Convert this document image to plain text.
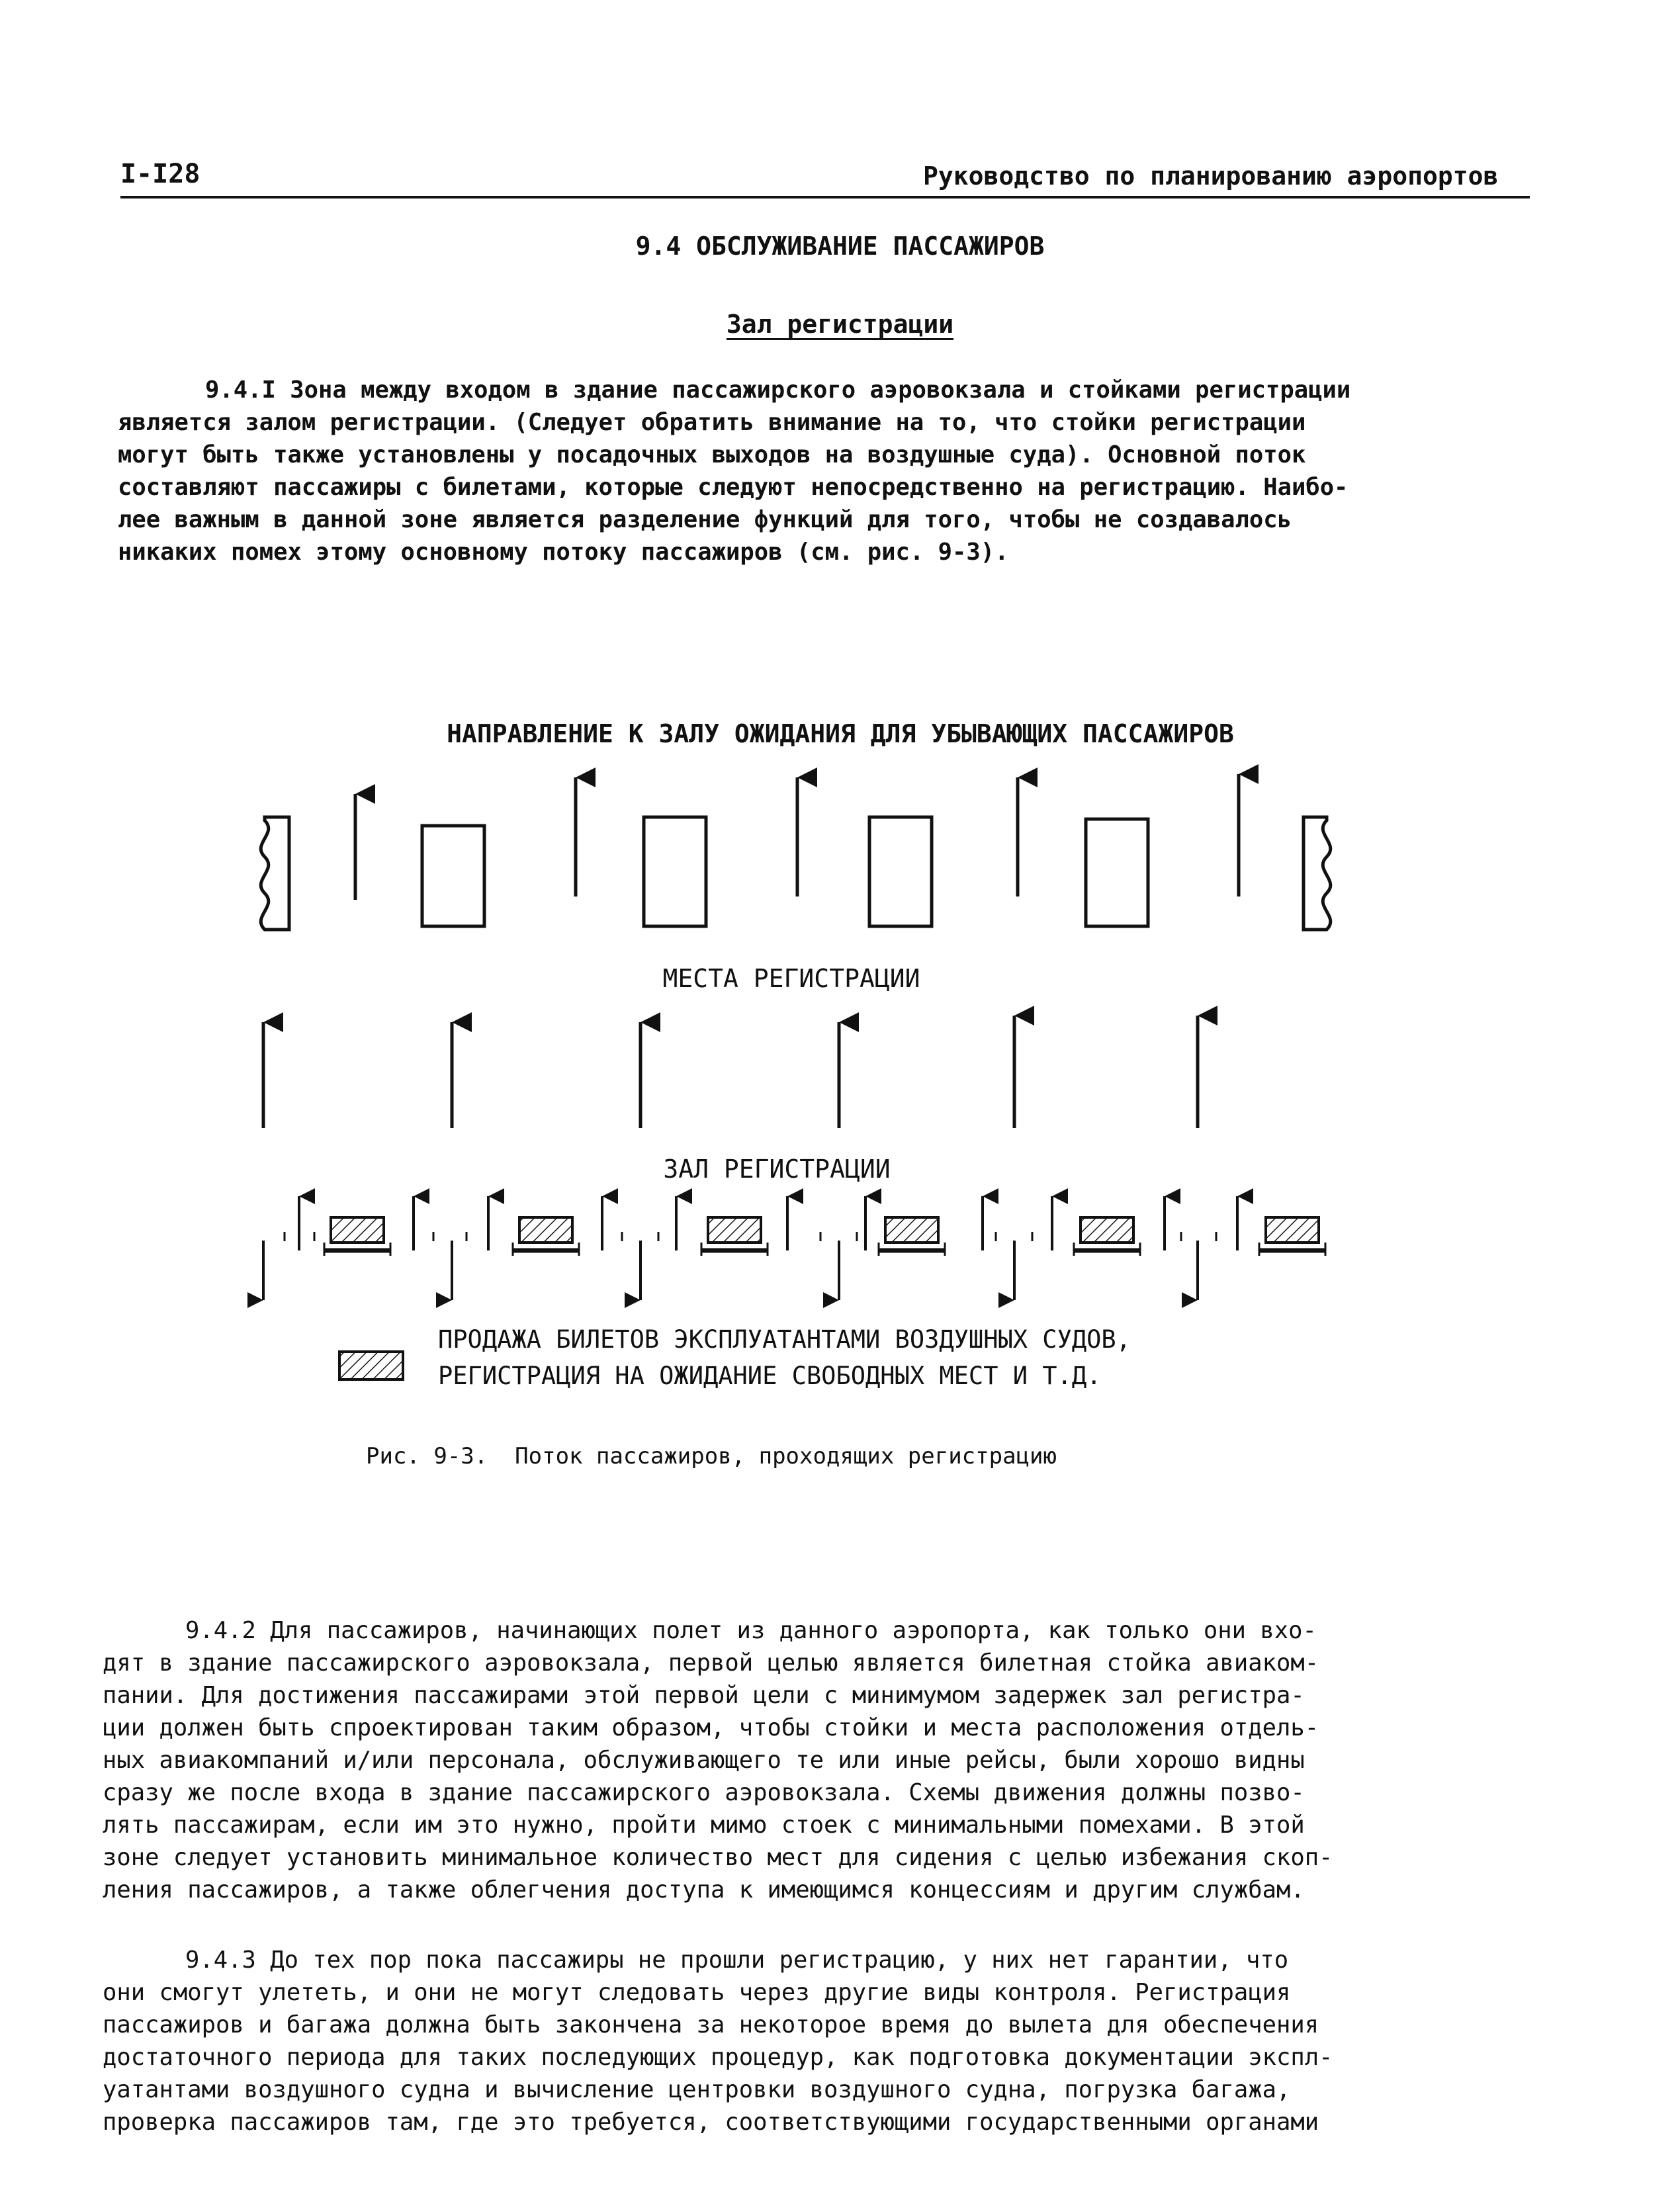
I-I28	Руководство по планированию аэропортов
9.4 ОБСЛУЖИВАНИЕ ПАССАЖИРОВ
Зал регистрации
9.4.I Зона между входом в здание пассажирского аэровокзала и стойками регистрации
является залом регистрации. (Следует обратить внимание на то, что стойки регистрации
могут быть также установлены у посадочных выходов на воздушные суда). Основной поток
составляют пассажиры с билетами, которые следуют непосредственно на регистрацию. Наибо-
лее важным в данной зоне является разделение функций для того, чтобы не создавалось
никаких помех этому основному потоку пассажиров (см. рис. 9-3).
НАПРАВЛЕНИЕ К ЗАЛУ ОЖИДАНИЯ ДЛЯ УБЫВАЮЩИХ ПАССАЖИРОВ
МЕСТА РЕГИСТРАЦИИ
ЗАЛ РЕГИСТРАЦИИ
ПРОДАЖА БИЛЕТОВ ЭКСПЛУАТАНТАМИ ВОЗДУШНЫХ СУДОВ,
РЕГИСТРАЦИЯ НА ОЖИДАНИЕ СВОБОДНЫХ МЕСТ И Т.Д.
Рис. 9-3.  Поток пассажиров, проходящих регистрацию
9.4.2 Для пассажиров, начинающих полет из данного аэропорта, как только они вхо-
дят в здание пассажирского аэровокзала, первой целью является билетная стойка авиаком-
пании. Для достижения пассажирами этой первой цели с минимумом задержек зал регистра-
ции должен быть спроектирован таким образом, чтобы стойки и места расположения отдель-
ных авиакомпаний и/или персонала, обслуживающего те или иные рейсы, были хорошо видны
сразу же после входа в здание пассажирского аэровокзала. Схемы движения должны позво-
лять пассажирам, если им это нужно, пройти мимо стоек с минимальными помехами. В этой
зоне следует установить минимальное количество мест для сидения с целью избежания скоп-
ления пассажиров, а также облегчения доступа к имеющимся концессиям и другим службам.
9.4.3 До тех пор пока пассажиры не прошли регистрацию, у них нет гарантии, что
они смогут улететь, и они не могут следовать через другие виды контроля. Регистрация
пассажиров и багажа должна быть закончена за некоторое время до вылета для обеспечения
достаточного периода для таких последующих процедур, как подготовка документации экспл-
уатантами воздушного судна и вычисление центровки воздушного судна, погрузка багажа,
проверка пассажиров там, где это требуется, соответствующими государственными органами
